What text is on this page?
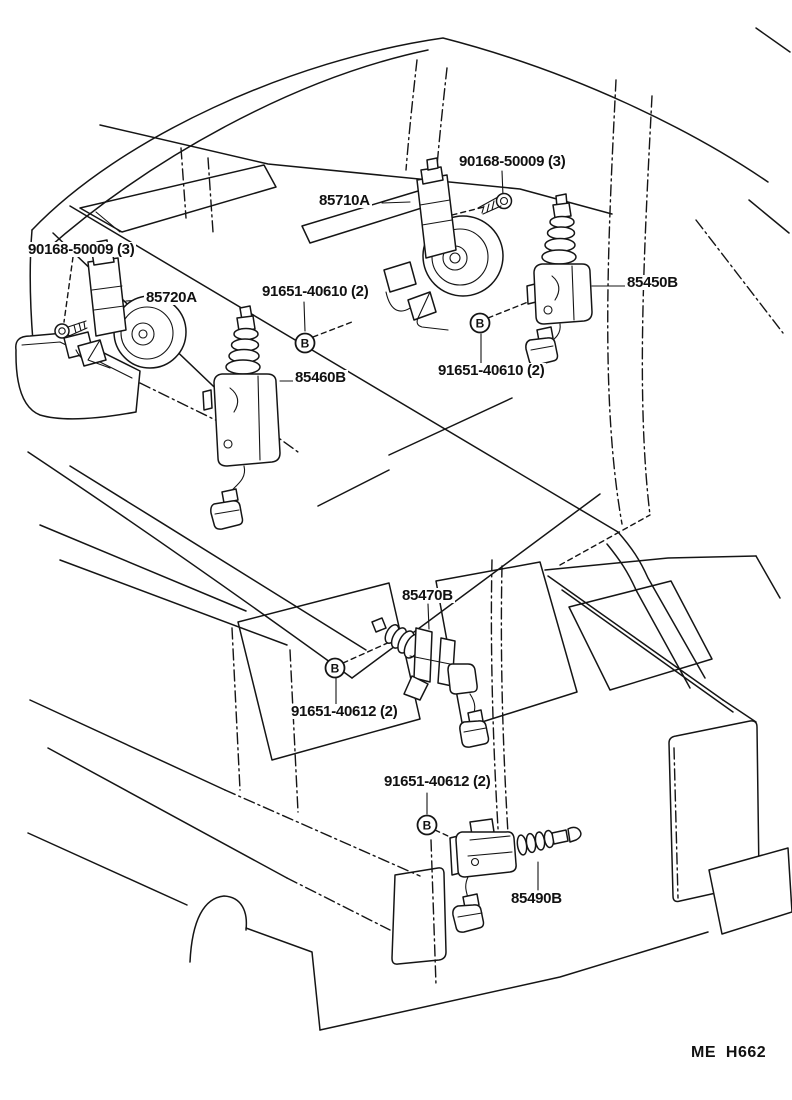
B
B
B
B
90168-50009 (3)
85710A
90168-50009 (3)
85720A	91651-40610 (2)
85450B
85460B	91651-40610 (2)
85470B
91651-40612 (2)
91651-40612 (2)
85490B
ME  H662
